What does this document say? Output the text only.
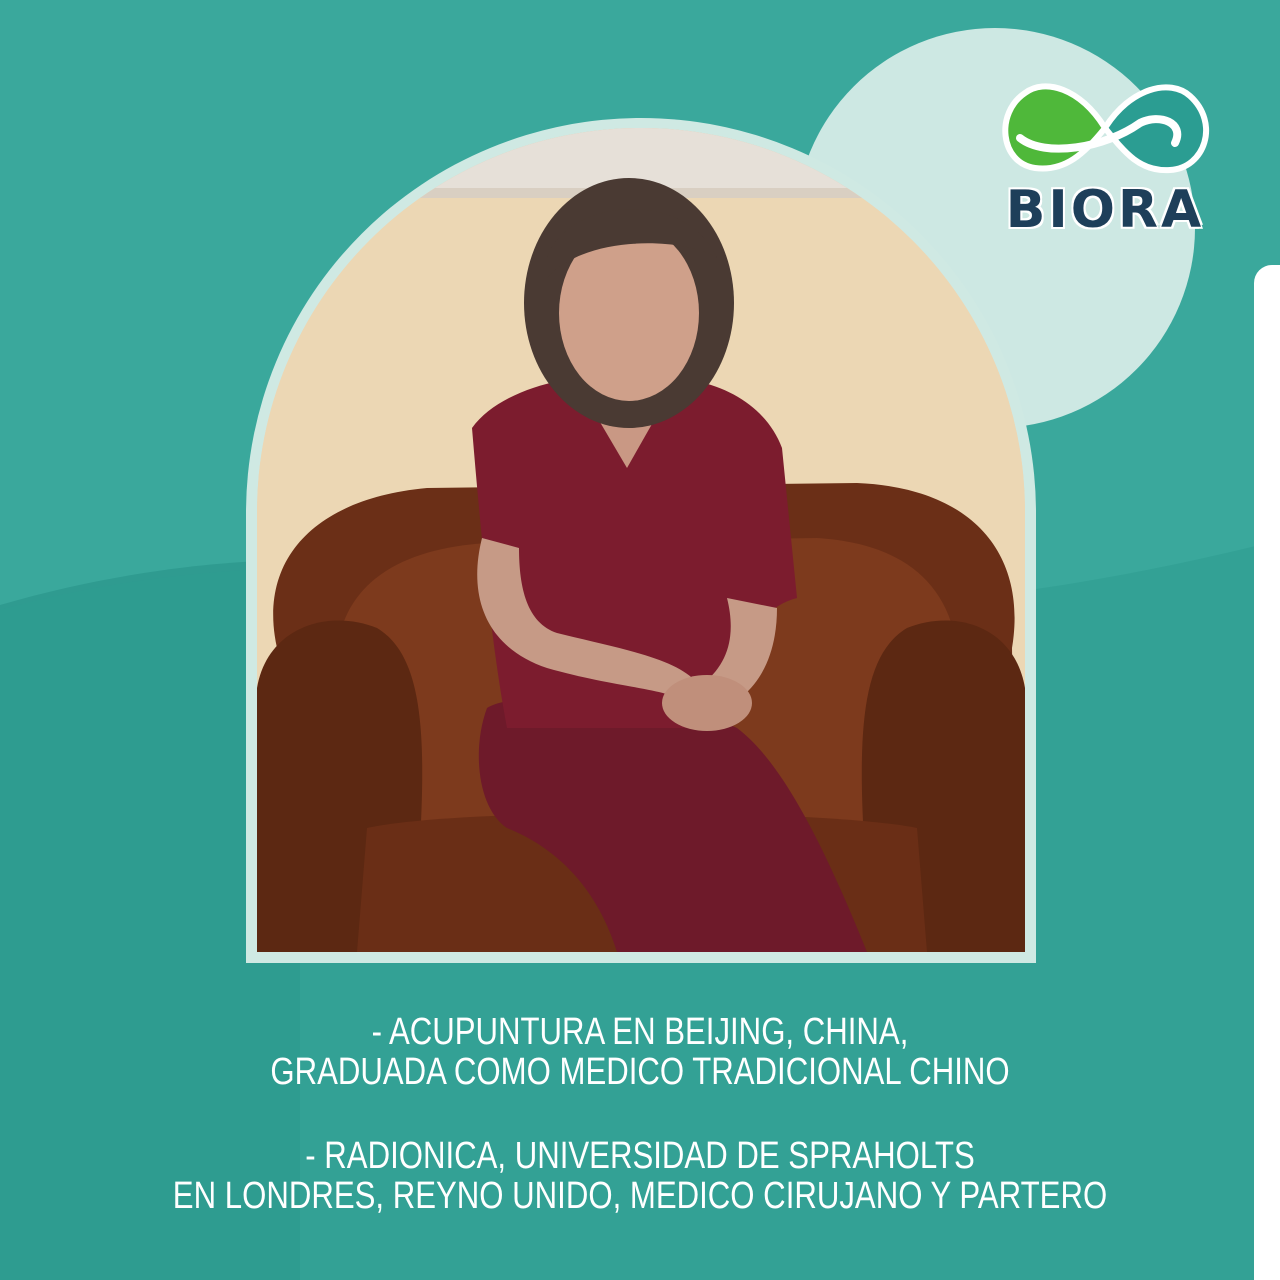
BIORA
- ACUPUNTURA EN BEIJING, CHINA,
GRADUADA COMO MEDICO TRADICIONAL CHINO
- RADIONICA, UNIVERSIDAD DE SPRAHOLTS
EN LONDRES, REYNO UNIDO, MEDICO CIRUJANO Y PARTERO
